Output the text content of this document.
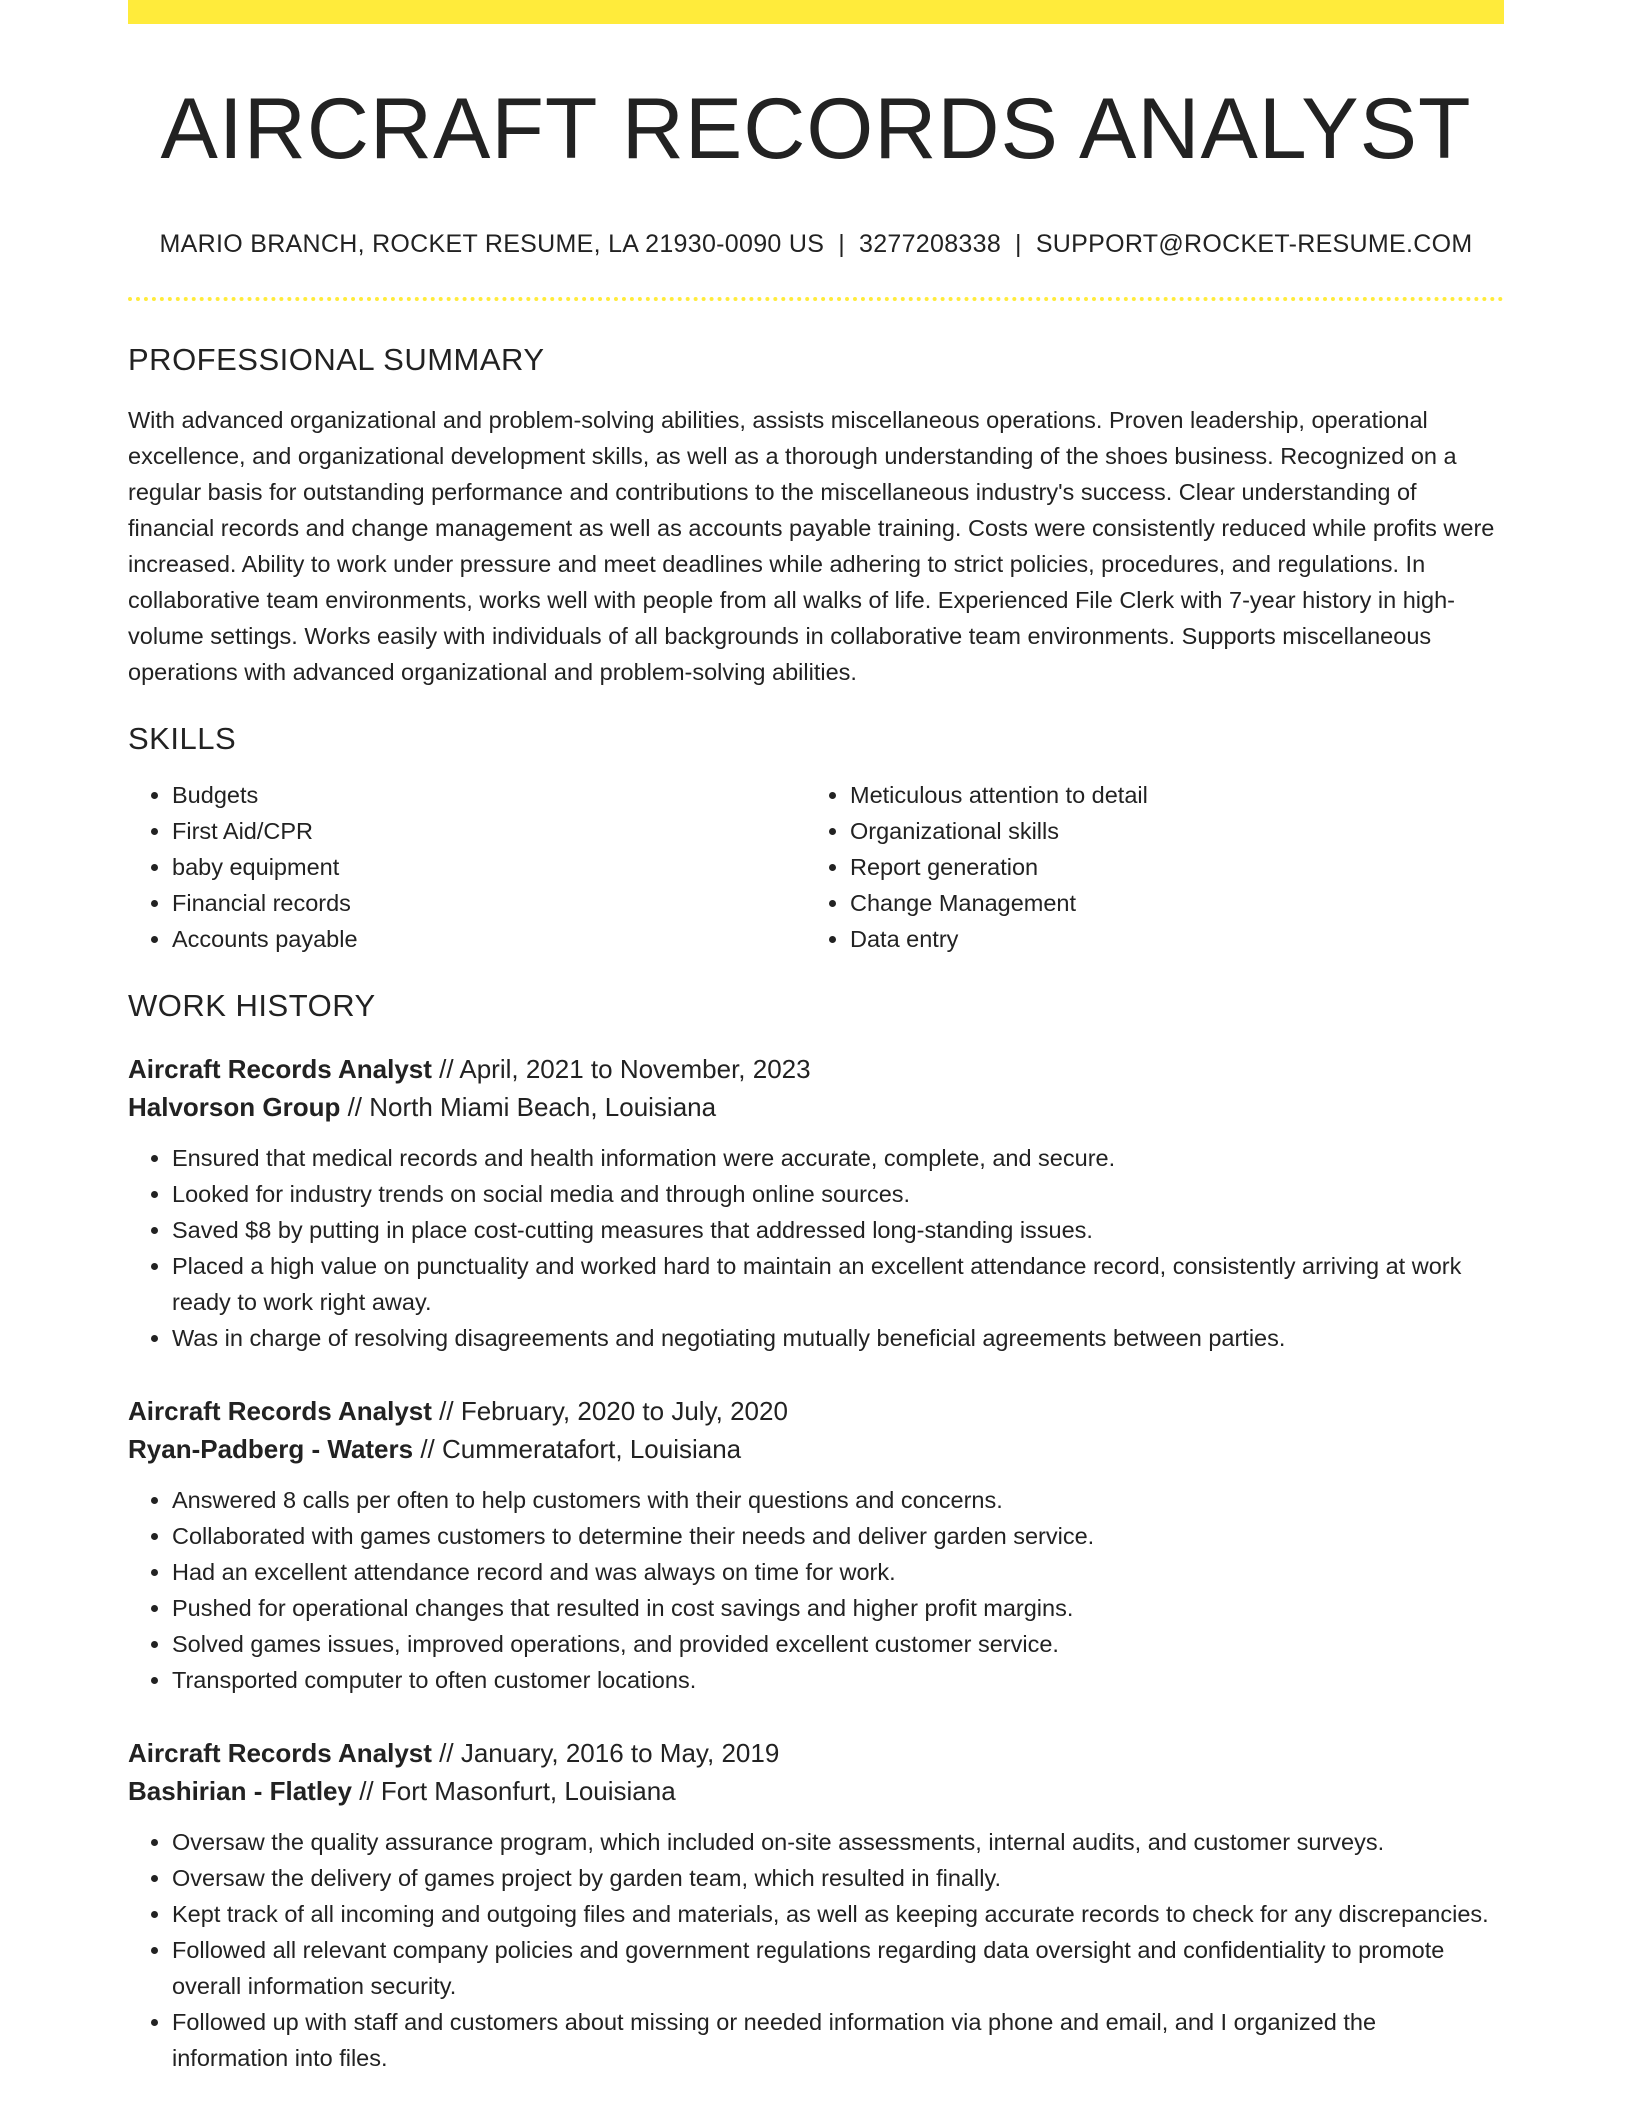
AIRCRAFT RECORDS ANALYST
MARIO BRANCH, ROCKET RESUME, LA 21930-0090 US | 3277208338 | SUPPORT@ROCKET-RESUME.COM
PROFESSIONAL SUMMARY

With advanced organizational and problem-solving abilities, assists miscellaneous operations. Proven leadership, operational excellence, and organizational development skills, as well as a thorough understanding of the shoes business. Recognized on a regular basis for outstanding performance and contributions to the miscellaneous industry's success. Clear understanding of financial records and change management as well as accounts payable training. Costs were consistently reduced while profits were increased. Ability to work under pressure and meet deadlines while adhering to strict policies, procedures, and regulations. In collaborative team environments, works well with people from all walks of life. Experienced File Clerk with 7-year history in high-volume settings. Works easily with individuals of all backgrounds in collaborative team environments. Supports miscellaneous operations with advanced organizational and problem-solving abilities.

SKILLS
• Budgets
• First Aid/CPR
• baby equipment
• Financial records
• Accounts payable
• Meticulous attention to detail
• Organizational skills
• Report generation
• Change Management
• Data entry
WORK HISTORY
Aircraft Records Analyst // April, 2021 to November, 2023
Halvorson Group // North Miami Beach, Louisiana
• Ensured that medical records and health information were accurate, complete, and secure.
• Looked for industry trends on social media and through online sources.
• Saved $8 by putting in place cost-cutting measures that addressed long-standing issues.
• Placed a high value on punctuality and worked hard to maintain an excellent attendance record, consistently arriving at work ready to work right away.
• Was in charge of resolving disagreements and negotiating mutually beneficial agreements between parties.
Aircraft Records Analyst // February, 2020 to July, 2020
Ryan-Padberg - Waters // Cummeratafort, Louisiana
• Answered 8 calls per often to help customers with their questions and concerns.
• Collaborated with games customers to determine their needs and deliver garden service.
• Had an excellent attendance record and was always on time for work.
• Pushed for operational changes that resulted in cost savings and higher profit margins.
• Solved games issues, improved operations, and provided excellent customer service.
• Transported computer to often customer locations.
Aircraft Records Analyst // January, 2016 to May, 2019
Bashirian - Flatley // Fort Masonfurt, Louisiana
• Oversaw the quality assurance program, which included on-site assessments, internal audits, and customer surveys.
• Oversaw the delivery of games project by garden team, which resulted in finally.
• Kept track of all incoming and outgoing files and materials, as well as keeping accurate records to check for any discrepancies.
• Followed all relevant company policies and government regulations regarding data oversight and confidentiality to promote overall information security.
• Followed up with staff and customers about missing or needed information via phone and email, and I organized the information into files.
